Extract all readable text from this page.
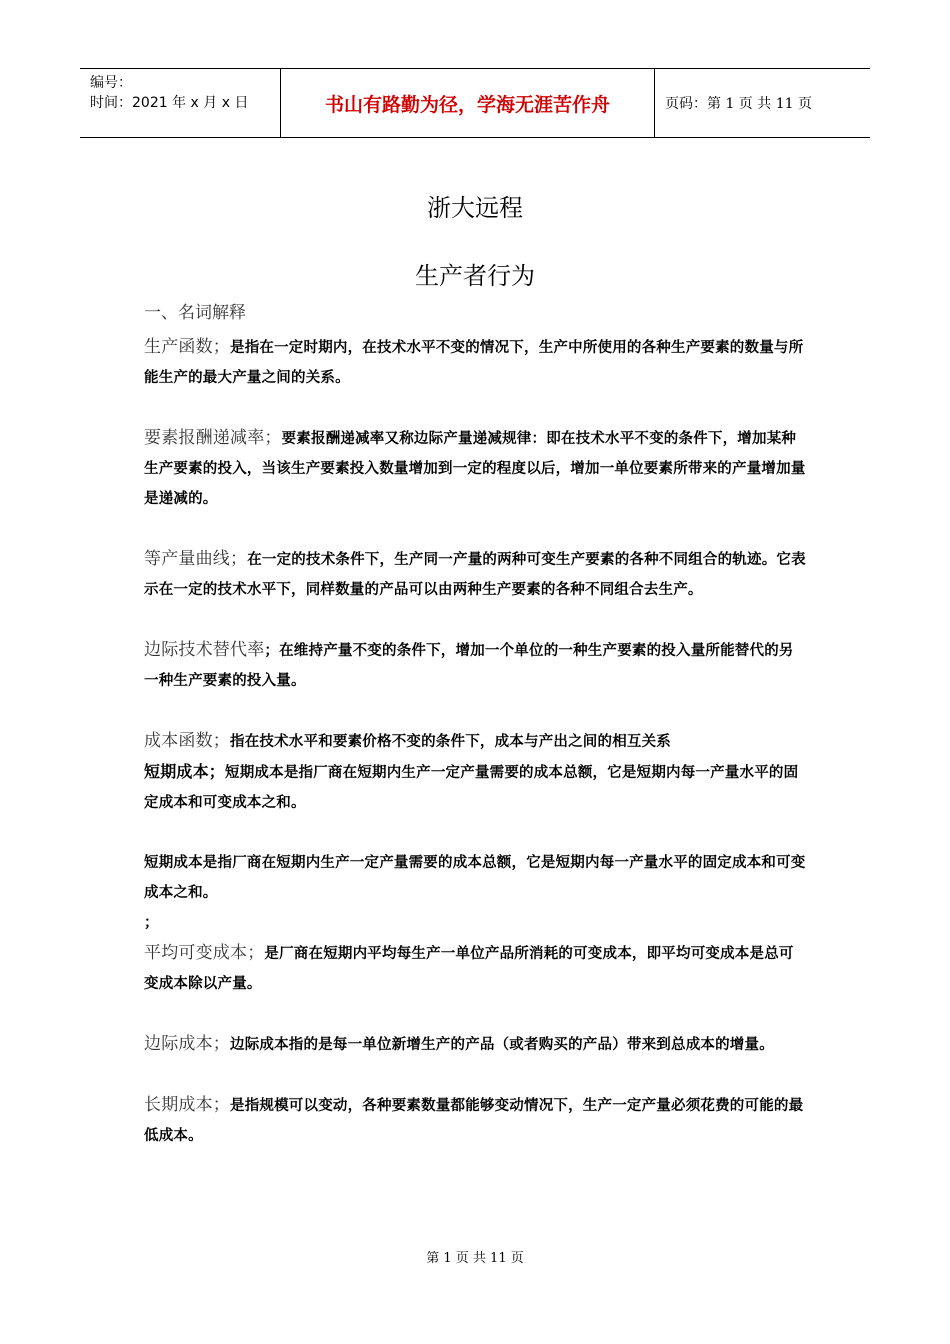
编号：
时间：2021 年 x 月 x 日	书山有路勤为径，学海无涯苦作舟	页码：第 1 页 共 11 页
浙大远程
生产者行为

一、名词解释

生产函数；是指在一定时期内，在技术水平不变的情况下，生产中所使用的各种生产要素的数量与所能生产的最大产量之间的关系。

要素报酬递减率；要素报酬递减率又称边际产量递减规律：即在技术水平不变的条件下，增加某种生产要素的投入，当该生产要素投入数量增加到一定的程度以后，增加一单位要素所带来的产量增加量是递减的。

等产量曲线；在一定的技术条件下，生产同一产量的两种可变生产要素的各种不同组合的轨迹。它表示在一定的技术水平下，同样数量的产品可以由两种生产要素的各种不同组合去生产。

边际技术替代率；在维持产量不变的条件下，增加一个单位的一种生产要素的投入量所能替代的另一种生产要素的投入量。

成本函数；指在技术水平和要素价格不变的条件下，成本与产出之间的相互关系

短期成本；短期成本是指厂商在短期内生产一定产量需要的成本总额，它是短期内每一产量水平的固定成本和可变成本之和。

短期成本是指厂商在短期内生产一定产量需要的成本总额，它是短期内每一产量水平的固定成本和可变成本之和。

；

平均可变成本；是厂商在短期内平均每生产一单位产品所消耗的可变成本，即平均可变成本是总可变成本除以产量。

边际成本；边际成本指的是每一单位新增生产的产品（或者购买的产品）带来到总成本的增量。

长期成本；是指规模可以变动，各种要素数量都能够变动情况下，生产一定产量必须花费的可能的最低成本。

第 1 页 共 11 页
